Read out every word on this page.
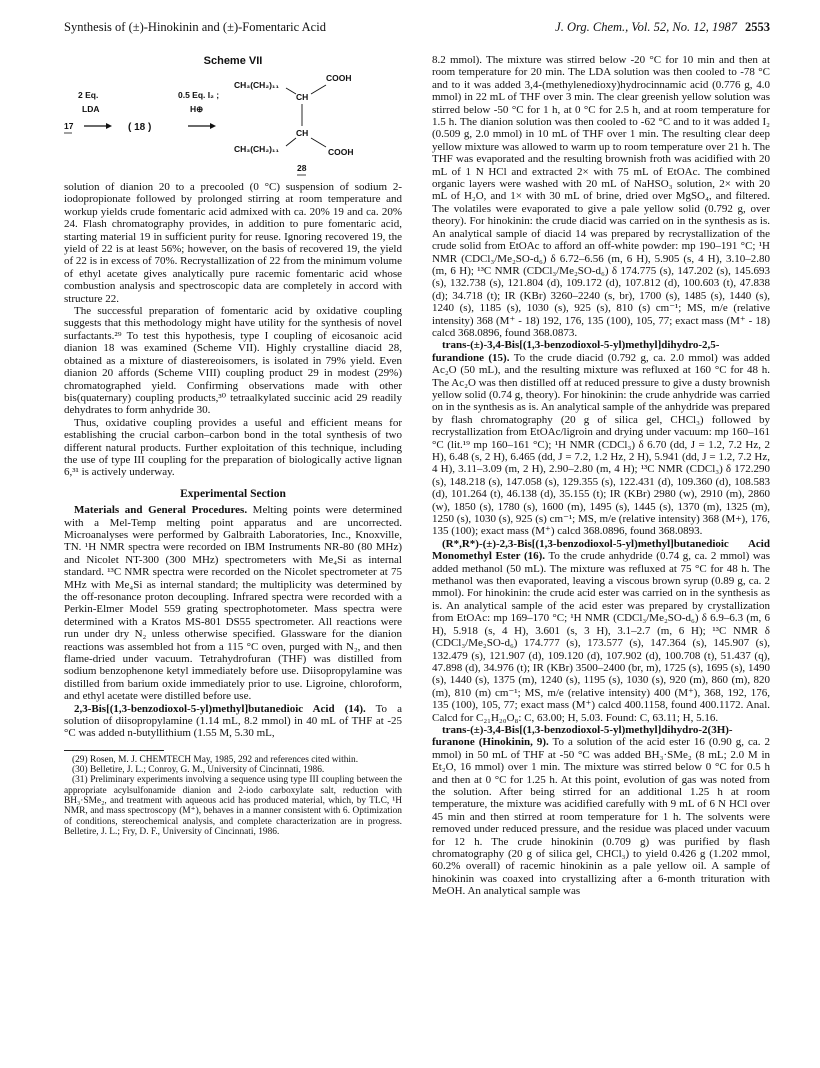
Synthesis of (±)-Hinokinin and (±)-Fomentaric Acid	J. Org. Chem., Vol. 52, No. 12, 1987 2553
Scheme VII
2 Eq.
LDA
17	( 18 )
0.5 Eq. I₂ ;
H⊕
CH₃(CH₂)₁₁
CH
COOH
CH
CH₃(CH₂)₁₁	COOH
28

solution of dianion 20 to a precooled (0 °C) suspension of sodium 2-iodopropionate followed by prolonged stirring at room temperature and workup yields crude fomentaric acid admixed with ca. 20% 19 and ca. 20% 24. Flash chromatography provides, in addition to pure fomentaric acid, starting material 19 in sufficient purity for reuse. Ignoring recovered 19, the yield of 22 is at least 56%; however, on the basis of recovered 19, the yield of 22 is in excess of 70%. Recrystallization of 22 from the minimum volume of ethyl acetate gives analytically pure racemic fomentaric acid whose combustion analysis and spectroscopic data are completely in accord with structure 22.

The successful preparation of fomentaric acid by oxidative coupling suggests that this methodology might have utility for the synthesis of novel surfactants.²⁹ To test this hypothesis, type I coupling of eicosanoic acid dianion 18 was examined (Scheme VII). Highly crystalline diacid 28, obtained as a mixture of diastereoisomers, is isolated in 79% yield. Even dianion 20 affords (Scheme VIII) coupling product 29 in modest (29%) chromatographed yield. Confirming observations made with other bis(quaternary) coupling products,³⁰ tetraalkylated succinic acid 29 readily dehydrates to form anhydride 30.

Thus, oxidative coupling provides a useful and efficient means for establishing the crucial carbon–carbon bond in the total synthesis of two different natural products. Further exploitation of this technique, including the use of type III coupling for the preparation of biologically active lignan 6,³¹ is actively underway.

Experimental Section

Materials and General Procedures. Melting points were determined with a Mel-Temp melting point apparatus and are uncorrected. Microanalyses were performed by Galbraith Laboratories, Inc., Knoxville, TN. ¹H NMR spectra were recorded on IBM Instruments NR-80 (80 MHz) and Nicolet NT-300 (300 MHz) spectrometers with Me₄Si as internal standard. ¹³C NMR spectra were recorded on the Nicolet spectrometer at 75 MHz with Me₄Si as internal standard; the multiplicity was determined by the off-resonance proton decoupling. Infrared spectra were recorded with a Perkin-Elmer Model 559 grating spectrophotometer. Mass spectra were determined with a Kratos MS-801 DS55 spectrometer. All reactions were run under dry N₂ unless otherwise specified. Glassware for the dianion reactions was assembled hot from a 115 °C oven, purged with N₂, and then flame-dried under vacuum. Tetrahydrofuran (THF) was distilled from sodium benzophenone ketyl immediately before use. Diisopropylamine was distilled from barium oxide immediately prior to use. Ligroine, chloroform, and ethyl acetate were distilled before use.

2,3-Bis[(1,3-benzodioxol-5-yl)methyl]butanedioic Acid (14). To a solution of diisopropylamine (1.14 mL, 8.2 mmol) in 40 mL of THF at -25 °C was added n-butyllithium (1.55 M, 5.30 mL,

(29) Rosen, M. J. CHEMTECH May, 1985, 292 and references cited within.

(30) Belletire, J. L.; Conroy, G. M., University of Cincinnati, 1986.

(31) Preliminary experiments involving a sequence using type III coupling between the appropriate acylsulfonamide dianion and 2-iodo carboxylate salt, reduction with BH₃·SMe₂, and treatment with aqueous acid has produced material, which, by TLC, ¹H NMR, and mass spectroscopy (M⁺), behaves in a manner consistent with 6. Optimization of conditions, stereochemical analysis, and complete characterization are in progress. Belletire, J. L.; Fry, D. F., University of Cincinnati, 1986.

8.2 mmol). The mixture was stirred below -20 °C for 10 min and then at room temperature for 20 min. The LDA solution was then cooled to -78 °C and to it was added 3,4-(methylenedioxy)hydrocinnamic acid (0.776 g, 4.0 mmol) in 22 mL of THF over 3 min. The clear greenish yellow solution was stirred below -50 °C for 1 h, at 0 °C for 2.5 h, and at room temperature for 1.5 h. The dianion solution was then cooled to -62 °C and to it was added I₂ (0.509 g, 2.0 mmol) in 10 mL of THF over 1 min. The resulting clear deep yellow mixture was allowed to warm up to room temperature over 21 h. The THF was evaporated and the resulting brownish froth was acidified with 20 mL of 1 N HCl and extracted 2× with 75 mL of EtOAc. The combined organic layers were washed with 20 mL of NaHSO₃ solution, 2× with 20 mL of H₂O, and 1× with 30 mL of brine, dried over MgSO₄, and filtered. The volatiles were evaporated to give a pale yellow solid (0.792 g, over theory). For hinokinin: the crude diacid was carried on in the synthesis as is. An analytical sample of diacid 14 was prepared by recrystallization of the crude solid from EtOAc to afford an off-white powder: mp 190–191 °C; ¹H NMR (CDCl₃/Me₂SO-d₆) δ 6.72–6.56 (m, 6 H), 5.905 (s, 4 H), 3.10–2.80 (m, 6 H); ¹³C NMR (CDCl₃/Me₂SO-d₆) δ 174.775 (s), 147.202 (s), 145.693 (s), 132.738 (s), 121.804 (d), 109.172 (d), 107.812 (d), 100.603 (t), 47.838 (d); 34.718 (t); IR (KBr) 3260–2240 (s, br), 1700 (s), 1485 (s), 1440 (s), 1240 (s), 1185 (s), 1030 (s), 925 (s), 810 (s) cm⁻¹; MS, m/e (relative intensity) 368 (M⁺ - 18) 192, 176, 135 (100), 105, 77; exact mass (M⁺ - 18) calcd 368.0896, found 368.0873.

trans-(±)-3,4-Bis[(1,3-benzodioxol-5-yl)methyl]dihydro-2,5-furandione (15). To the crude diacid (0.792 g, ca. 2.0 mmol) was added Ac₂O (50 mL), and the resulting mixture was refluxed at 160 °C for 48 h. The Ac₂O was then distilled off at reduced pressure to give a dusty brownish yellow solid (0.74 g, theory). For hinokinin: the crude anhydride was carried on in the synthesis as is. An analytical sample of the anhydride was prepared by flash chromatography (20 g of silica gel, CHCl₃) followed by recrystallization from EtOAc/ligroin and drying under vacuum: mp 160–161 °C (lit.¹⁹ mp 160–161 °C); ¹H NMR (CDCl₃) δ 6.70 (dd, J = 1.2, 7.2 Hz, 2 H), 6.48 (s, 2 H), 6.465 (dd, J = 7.2, 1.2 Hz, 2 H), 5.941 (dd, J = 1.2, 7.2 Hz, 4 H), 3.11–3.09 (m, 2 H), 2.90–2.80 (m, 4 H); ¹³C NMR (CDCl₃) δ 172.290 (s), 148.218 (s), 147.058 (s), 129.355 (s), 122.431 (d), 109.360 (d), 108.583 (d), 101.264 (t), 46.138 (d), 35.155 (t); IR (KBr) 2980 (w), 2910 (m), 2860 (w), 1850 (s), 1780 (s), 1600 (m), 1495 (s), 1445 (s), 1370 (m), 1325 (m), 1250 (s), 1030 (s), 925 (s) cm⁻¹; MS, m/e (relative intensity) 368 (M+), 176, 135 (100); exact mass (M⁺) calcd 368.0896, found 368.0893.

(R*,R*)-(±)-2,3-Bis[(1,3-benzodioxol-5-yl)methyl]butanedioic Acid Monomethyl Ester (16). To the crude anhydride (0.74 g, ca. 2 mmol) was added methanol (50 mL). The mixture was refluxed at 75 °C for 48 h. The methanol was then evaporated, leaving a viscous brown syrup (0.89 g, ca. 2 mmol). For hinokinin: the crude acid ester was carried on in the synthesis as is. An analytical sample of the acid ester was prepared by crystallization from EtOAc: mp 169–170 °C; ¹H NMR (CDCl₃/Me₂SO-d₆) δ 6.9–6.3 (m, 6 H), 5.918 (s, 4 H), 3.601 (s, 3 H), 3.1–2.7 (m, 6 H); ¹³C NMR δ (CDCl₃/Me₂SO-d₆) 174.777 (s), 173.577 (s), 147.364 (s), 145.907 (s), 132.479 (s), 121.907 (d), 109.120 (d), 107.902 (d), 100.708 (t), 51.437 (q), 47.898 (d), 34.976 (t); IR (KBr) 3500–2400 (br, m), 1725 (s), 1695 (s), 1490 (s), 1440 (s), 1375 (m), 1240 (s), 1195 (s), 1030 (s), 920 (m), 860 (m), 820 (m), 810 (m) cm⁻¹; MS, m/e (relative intensity) 400 (M⁺), 368, 192, 176, 135 (100), 105, 77; exact mass (M⁺) calcd 400.1158, found 400.1172. Anal. Calcd for C₂₁H₂₀O₈: C, 63.00; H, 5.03. Found: C, 63.11; H, 5.16.

trans-(±)-3,4-Bis[(1,3-benzodioxol-5-yl)methyl]dihydro-2(3H)-furanone (Hinokinin, 9). To a solution of the acid ester 16 (0.90 g, ca. 2 mmol) in 50 mL of THF at -50 °C was added BH₃·SMe₂ (8 mL; 2.0 M in Et₂O, 16 mmol) over 1 min. The mixture was stirred below 0 °C for 0.5 h and then at 0 °C for 1.25 h. At this point, evolution of gas was noted from the solution. After being stirred for an additional 1.25 h at room temperature, the mixture was acidified carefully with 9 mL of 6 N HCl over 45 min and then stirred at room temperature for 1 h. The solvents were removed under reduced pressure, and the residue was placed under vacuum for 12 h. The crude hinokinin (0.709 g) was purified by flash chromatography (20 g of silica gel, CHCl₃) to yield 0.426 g (1.202 mmol, 60.2% overall) of racemic hinokinin as a pale yellow oil. A sample of hinokinin was coaxed into crystallizing after a 6-month trituration with MeOH. An analytical sample was
